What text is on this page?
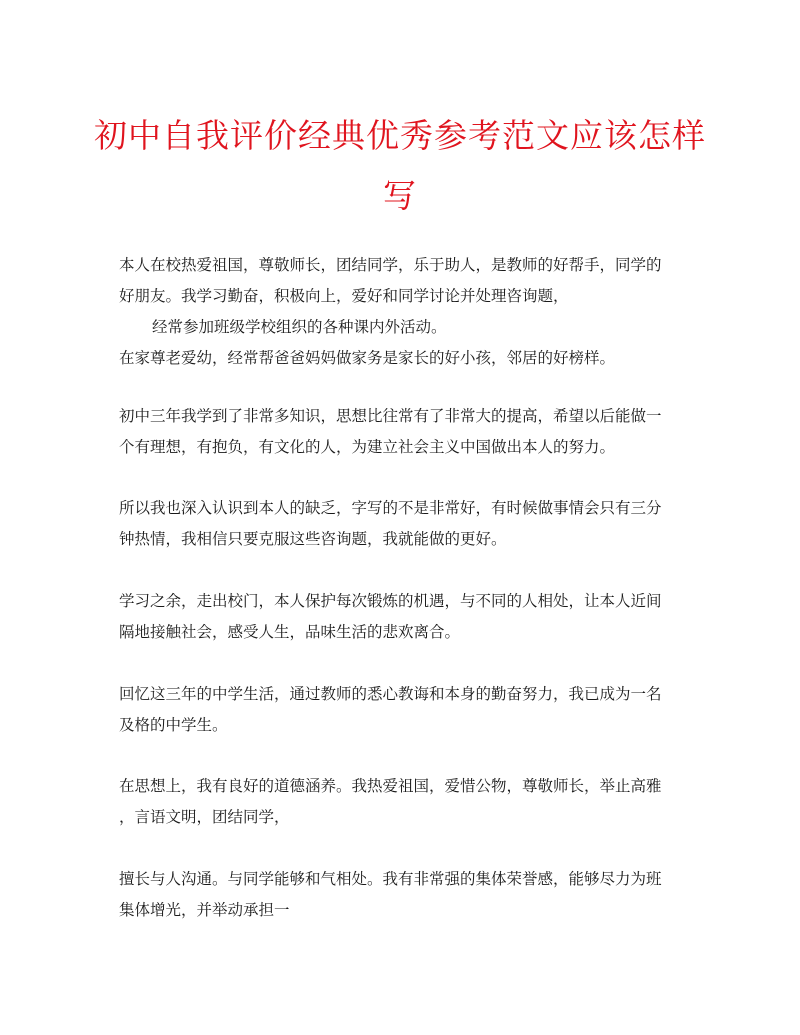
初中自我评价经典优秀参考范文应该怎样
写

本人在校热爱祖国，尊敬师长，团结同学，乐于助人，是教师的好帮手，同学的
好朋友。我学习勤奋，积极向上，爱好和同学讨论并处理咨询题，
经常参加班级学校组织的各种课内外活动。
在家尊老爱幼，经常帮爸爸妈妈做家务是家长的好小孩，邻居的好榜样。

初中三年我学到了非常多知识，思想比往常有了非常大的提高，希望以后能做一
个有理想，有抱负，有文化的人，为建立社会主义中国做出本人的努力。

所以我也深入认识到本人的缺乏，字写的不是非常好，有时候做事情会只有三分
钟热情，我相信只要克服这些咨询题，我就能做的更好。

学习之余，走出校门，本人保护每次锻炼的机遇，与不同的人相处，让本人近间
隔地接触社会，感受人生，品味生活的悲欢离合。

回忆这三年的中学生活，通过教师的悉心教诲和本身的勤奋努力，我已成为一名
及格的中学生。

在思想上，我有良好的道德涵养。我热爱祖国，爱惜公物，尊敬师长，举止高雅
，言语文明，团结同学，

擅长与人沟通。与同学能够和气相处。我有非常强的集体荣誉感，能够尽力为班
集体增光，并举动承担一
